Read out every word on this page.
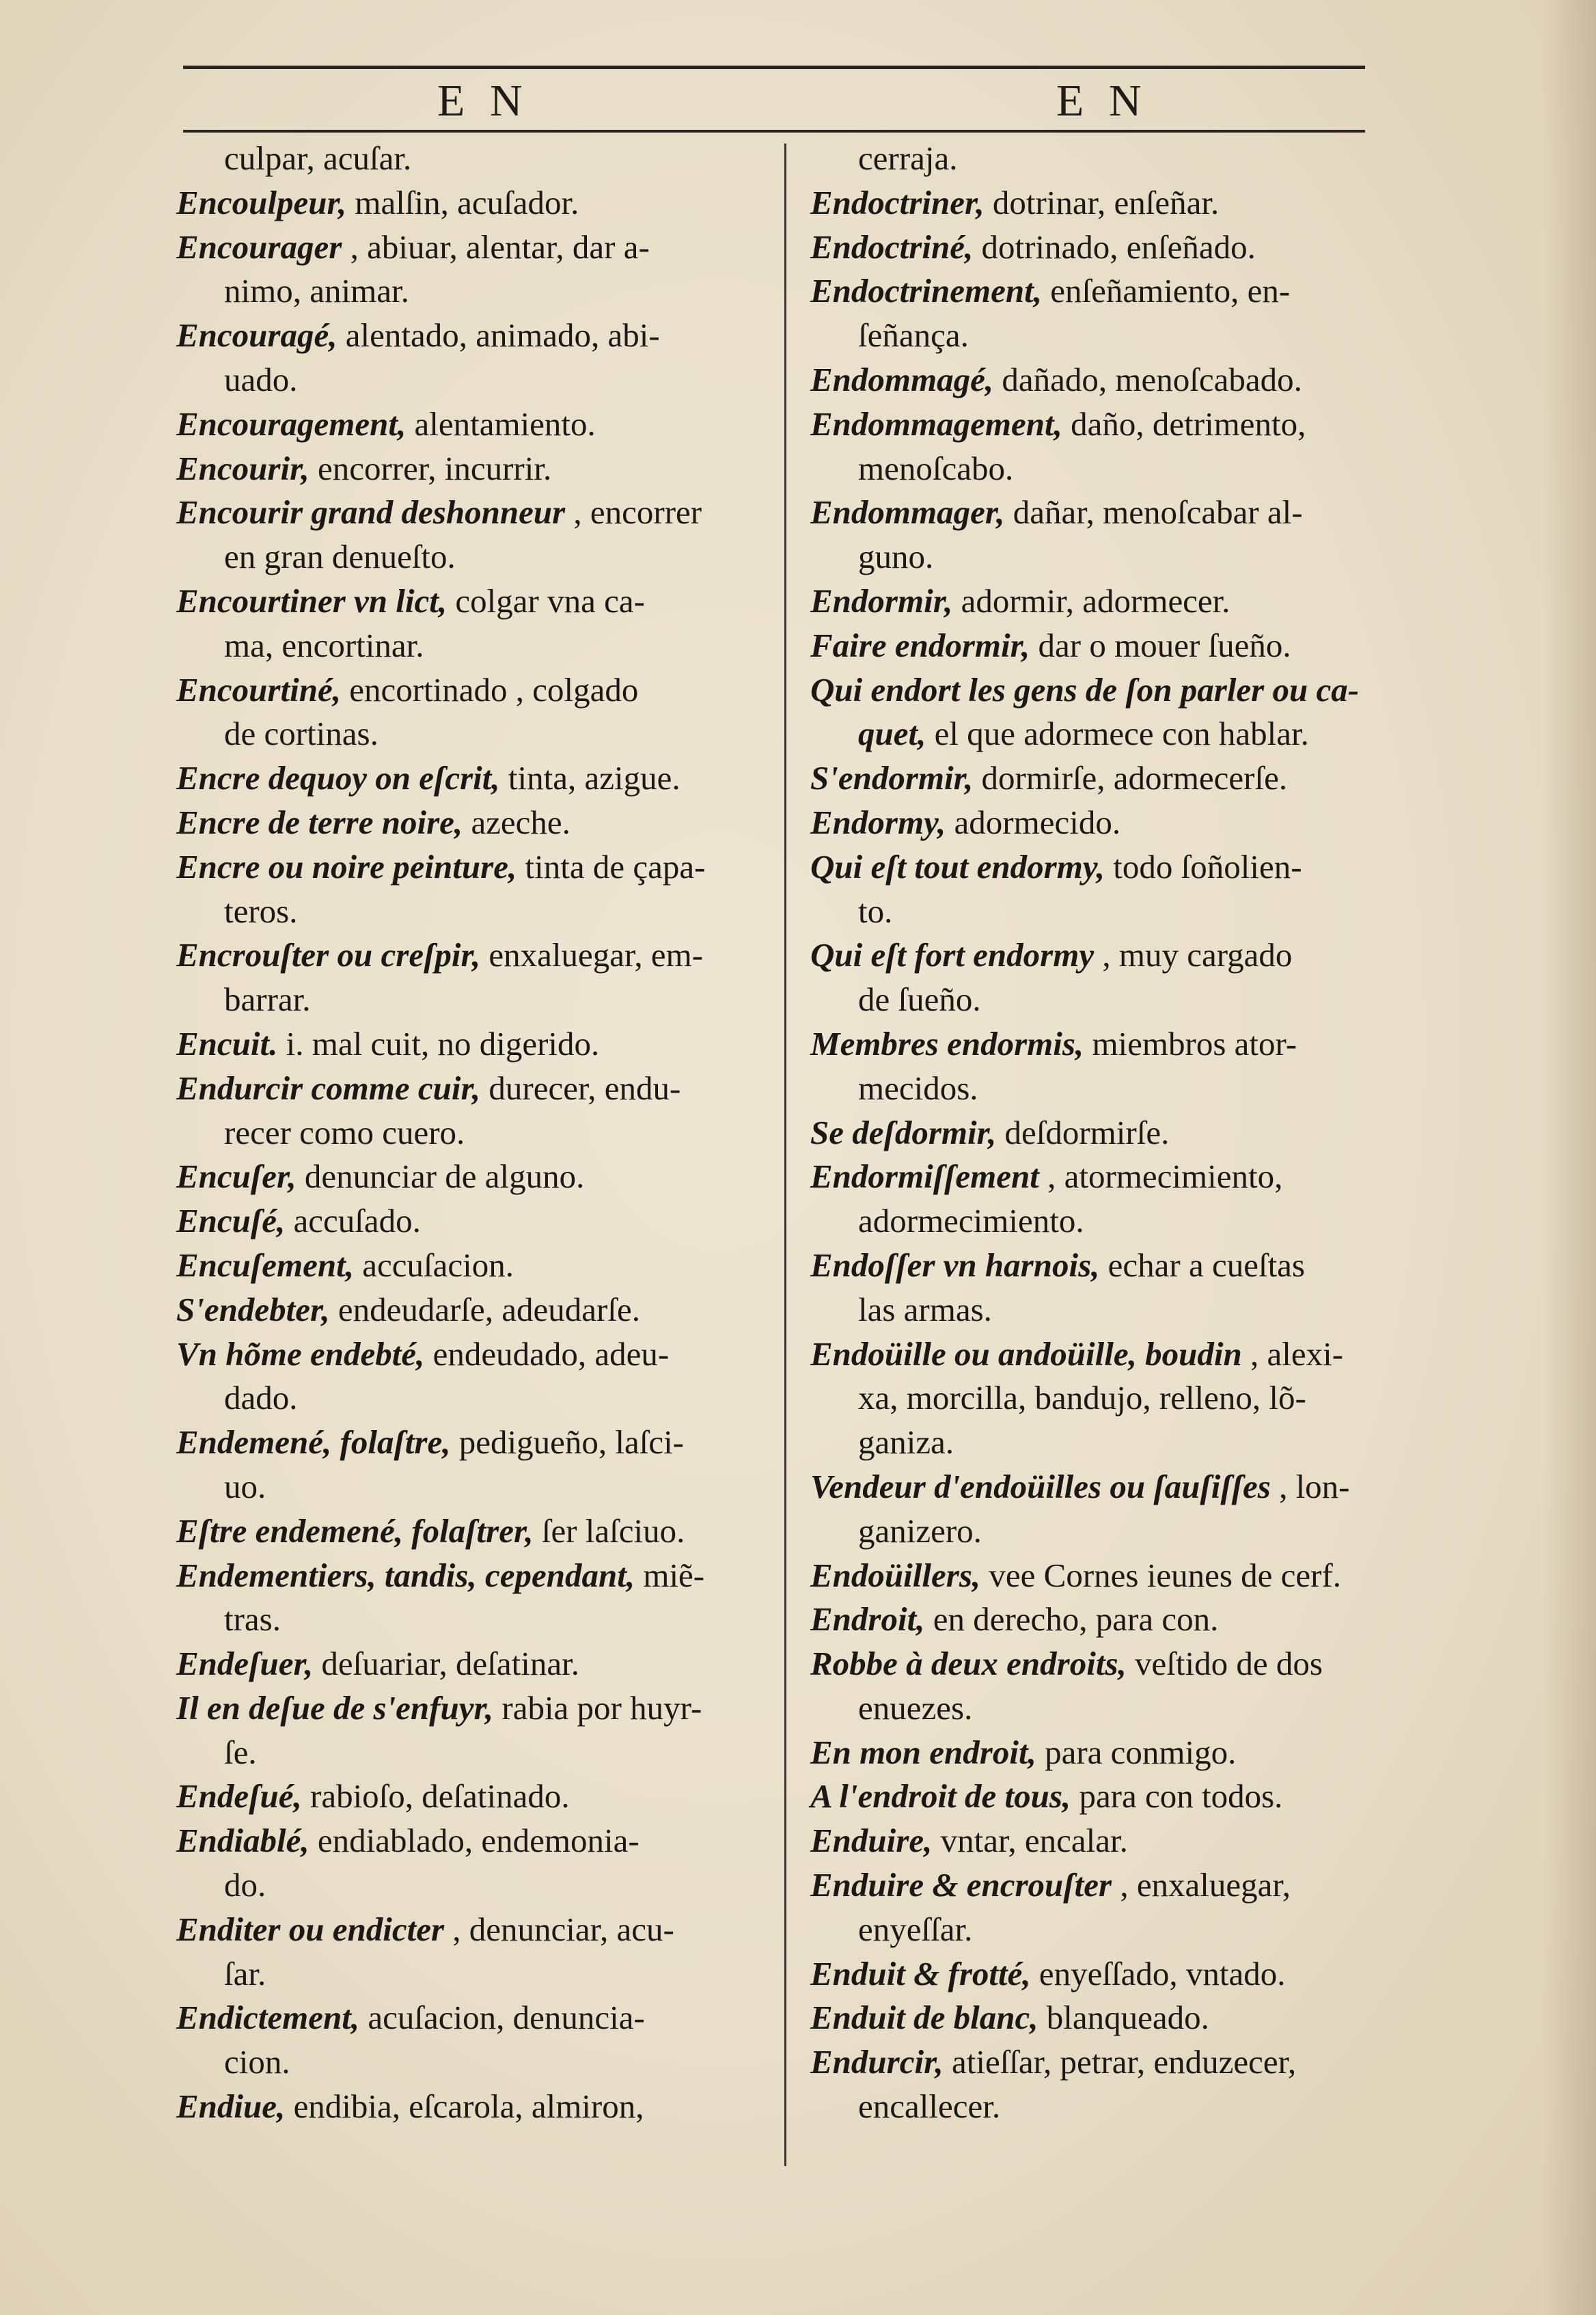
E N	E N
culpar, acuſar.
Encoulpeur, malſin, acuſador.
Encourager , abiuar, alentar, dar a-
nimo, animar.
Encouragé, alentado, animado, abi-
uado.
Encouragement, alentamiento.
Encourir, encorrer, incurrir.
Encourir grand deshonneur , encorrer
en gran denueſto.
Encourtiner vn lict, colgar vna ca-
ma, encortinar.
Encourtiné, encortinado , colgado
de cortinas.
Encre dequoy on eſcrit, tinta, azigue.
Encre de terre noire, azeche.
Encre ou noire peinture, tinta de çapa-
teros.
Encrouſter ou creſpir, enxaluegar, em-
barrar.
Encuit. i. mal cuit, no digerido.
Endurcir comme cuir, durecer, endu-
recer como cuero.
Encuſer, denunciar de alguno.
Encuſé, accuſado.
Encuſement, accuſacion.
S'endebter, endeudarſe, adeudarſe.
Vn hõme endebté, endeudado, adeu-
dado.
Endemené, folaſtre, pedigueño, laſci-
uo.
Eſtre endemené, folaſtrer, ſer laſciuo.
Endementiers, tandis, cependant, miẽ-
tras.
Endeſuer, deſuariar, deſatinar.
Il en deſue de s'enfuyr, rabia por huyr-
ſe.
Endeſué, rabioſo, deſatinado.
Endiablé, endiablado, endemonia-
do.
Enditer ou endicter , denunciar, acu-
ſar.
Endictement, acuſacion, denuncia-
cion.
Endiue, endibia, eſcarola, almiron,
cerraja.
Endoctriner, dotrinar, enſeñar.
Endoctriné, dotrinado, enſeñado.
Endoctrinement, enſeñamiento, en-
ſeñança.
Endommagé, dañado, menoſcabado.
Endommagement, daño, detrimento,
menoſcabo.
Endommager, dañar, menoſcabar al-
guno.
Endormir, adormir, adormecer.
Faire endormir, dar o mouer ſueño.
Qui endort les gens de ſon parler ou ca-
quet, el que adormece con hablar.
S'endormir, dormirſe, adormecerſe.
Endormy, adormecido.
Qui eſt tout endormy, todo ſoñolien-
to.
Qui eſt fort endormy , muy cargado
de ſueño.
Membres endormis, miembros ator-
mecidos.
Se deſdormir, deſdormirſe.
Endormiſſement , atormecimiento,
adormecimiento.
Endoſſer vn harnois, echar a cueſtas
las armas.
Endoüille ou andoüille, boudin , alexi-
xa, morcilla, bandujo, relleno, lõ-
ganiza.
Vendeur d'endoüilles ou ſauſiſſes , lon-
ganizero.
Endoüillers, vee Cornes ieunes de cerf.
Endroit, en derecho, para con.
Robbe à deux endroits, veſtido de dos
enuezes.
En mon endroit, para conmigo.
A l'endroit de tous, para con todos.
Enduire, vntar, encalar.
Enduire & encrouſter , enxaluegar,
enyeſſar.
Enduit & frotté, enyeſſado, vntado.
Enduit de blanc, blanqueado.
Endurcir, atieſſar, petrar, enduzecer,
encallecer.
